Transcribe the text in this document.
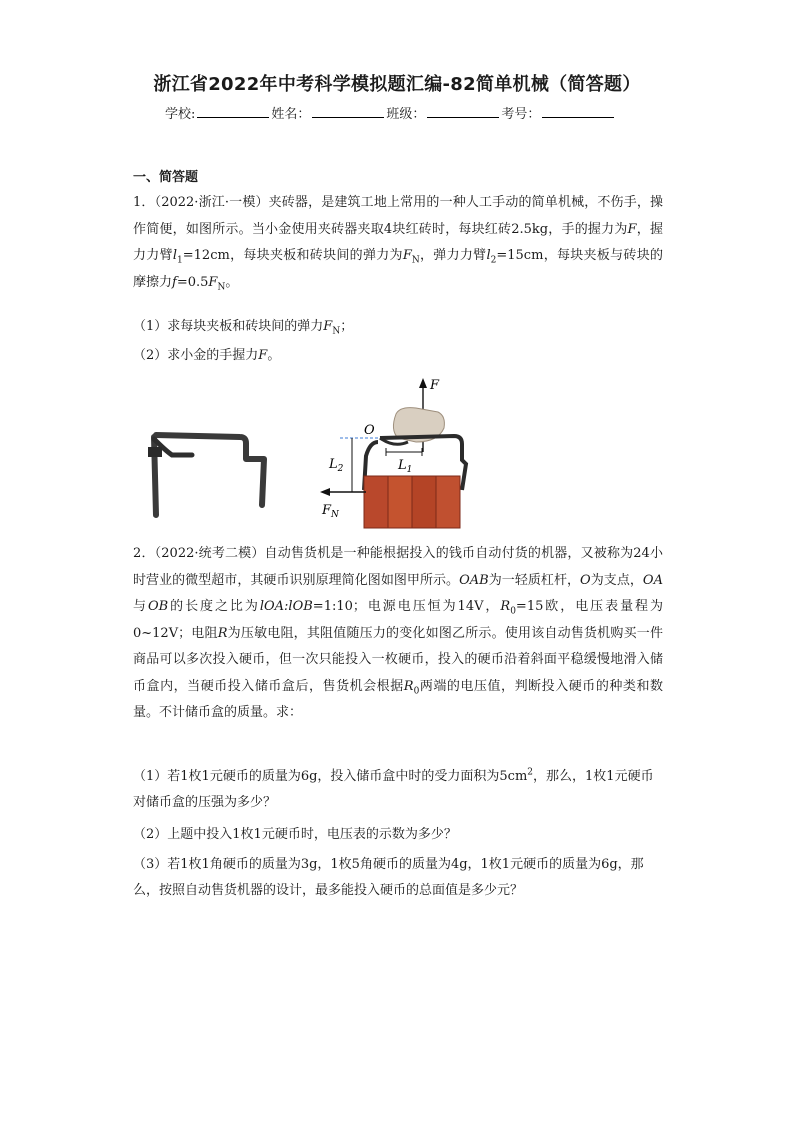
浙江省2022年中考科学模拟题汇编-82简单机械（简答题）
学校:	姓名：	班级：	考号：
一、简答题
1．（2022·浙江·一模）夹砖器，是建筑工地上常用的一种人工手动的简单机械，不伤手，操作简便，如图所示。当小金使用夹砖器夹取4块红砖时，每块红砖2.5kg，手的握力为F，握力力臂$l_1=12cm$，每块夹板和砖块间的弹力为$F_N$，弹力力臂$l_2=15cm$，每块夹板与砖块的摩擦力$f=0.5F_N$。
（1）求每块夹板和砖块间的弹力$F_N$；
（2）求小金的手握力F。
F
O
$L_1$
$L_2$
$F_N$
2．（2022·统考二模）自动售货机是一种能根据投入的钱币自动付货的机器，又被称为24小时营业的微型超市，其硬币识别原理简化图如图甲所示。OAB为一轻质杠杆，O为支点，OA与OB的长度之比为lOA:lOB=1:10；电源电压恒为14V，$R_0=15$欧，电压表量程为0~12V；电阻R为压敏电阻，其阻值随压力的变化如图乙所示。使用该自动售货机购买一件商品可以多次投入硬币，但一次只能投入一枚硬币，投入的硬币沿着斜面平稳缓慢地滑入储币盒内，当硬币投入储币盒后，售货机会根据$R_0$两端的电压值，判断投入硬币的种类和数量。不计储币盒的质量。求：
（1）若1枚1元硬币的质量为6g，投入储币盒中时的受力面积为$5cm^2$，那么，1枚1元硬币对储币盒的压强为多少？
（2）上题中投入1枚1元硬币时，电压表的示数为多少？
（3）若1枚1角硬币的质量为3g，1枚5角硬币的质量为4g，1枚1元硬币的质量为6g，那么，按照自动售货机器的设计，最多能投入硬币的总面值是多少元？
